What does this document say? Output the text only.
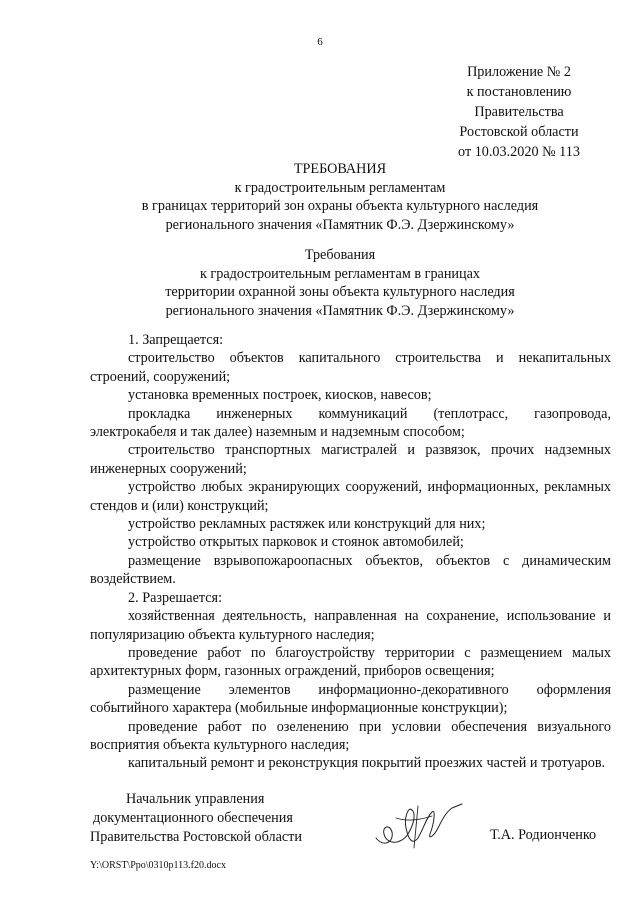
6
Приложение № 2
к постановлению
Правительства
Ростовской области
от 10.03.2020 № 113
ТРЕБОВАНИЯ
к градостроительным регламентам
в границах территорий зон охраны объекта культурного наследия
регионального значения «Памятник Ф.Э. Дзержинскому»
Требования
к градостроительным регламентам в границах
территории охранной зоны объекта культурного наследия
регионального значения «Памятник Ф.Э. Дзержинскому»

1. Запрещается:

строительство объектов капитального строительства и некапитальных строений, сооружений;

установка временных построек, киосков, навесов;

прокладка инженерных коммуникаций (теплотрасс, газопровода, электрокабеля и так далее) наземным и надземным способом;

строительство транспортных магистралей и развязок, прочих надземных инженерных сооружений;

устройство любых экранирующих сооружений, информационных, рекламных стендов и (или) конструкций;

устройство рекламных растяжек или конструкций для них;

устройство открытых парковок и стоянок автомобилей;

размещение взрывопожароопасных объектов, объектов с динамическим воздействием.

2. Разрешается:

хозяйственная деятельность, направленная на сохранение, использование и популяризацию объекта культурного наследия;

проведение работ по благоустройству территории с размещением малых архитектурных форм, газонных ограждений, приборов освещения;

размещение элементов информационно-декоративного оформления событийного характера (мобильные информационные конструкции);

проведение работ по озеленению при условии обеспечения визуального восприятия объекта культурного наследия;

капитальный ремонт и реконструкция покрытий проезжих частей и тротуаров.

Начальник управления
документационного обеспечения
Правительства Ростовской области	Т.А. Родионченко
Y:\ORST\Ppo\0310p113.f20.docx
